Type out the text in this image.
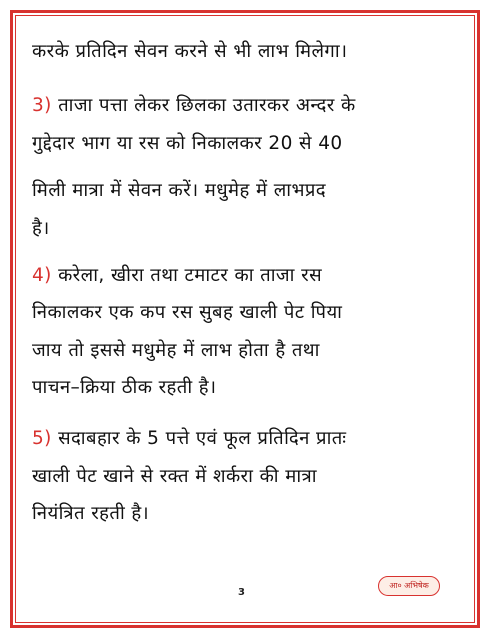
करके प्रतिदिन सेवन करने से भी लाभ मिलेगा।
3) ताजा पत्ता लेकर छिलका उतारकर अन्दर के
गुद्देदार भाग या रस को निकालकर 20 से 40
मिली मात्रा में सेवन करें। मधुमेह में लाभप्रद
है।
4) करेला, खीरा तथा टमाटर का ताजा रस
निकालकर एक कप रस सुबह खाली पेट पिया
जाय तो इससे मधुमेह में लाभ होता है तथा
पाचन–क्रिया ठीक रहती है।
5) सदाबहार के 5 पत्ते एवं फूल प्रतिदिन प्रातः
खाली पेट खाने से रक्त में शर्करा की मात्रा
नियंत्रित रहती है।
3
आ० अभिषेक
